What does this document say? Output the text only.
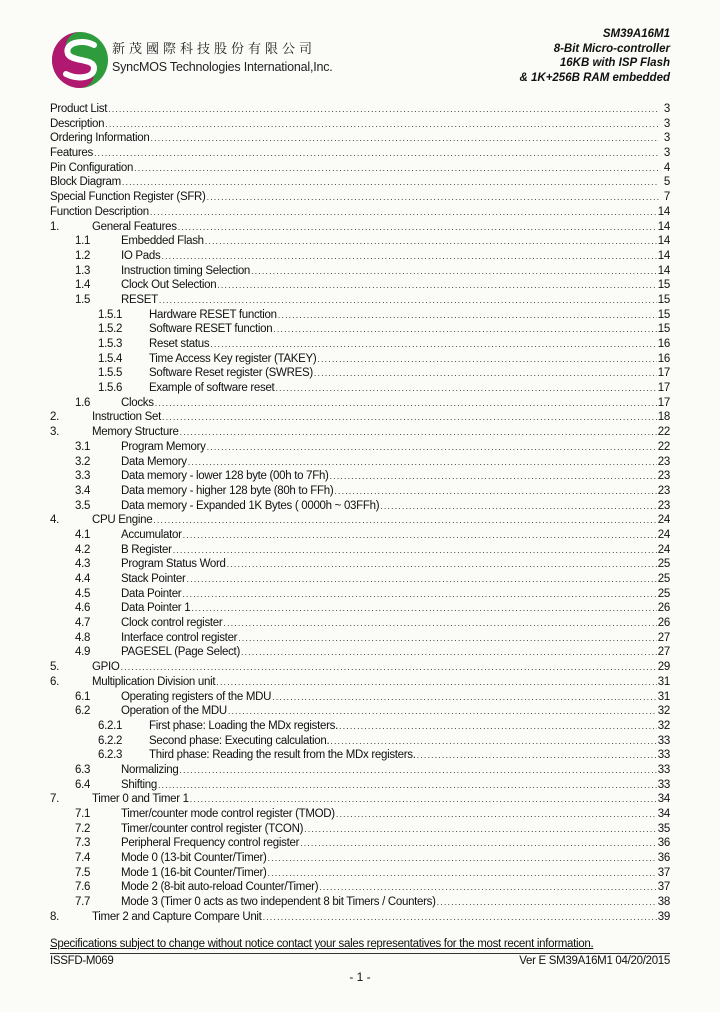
新茂國際科技股份有限公司
SyncMOS Technologies International,Inc.
SM39A16M1
8-Bit Micro-controller
16KB with ISP Flash
& 1K+256B RAM embedded
Product List .....	3
Description .....	3
Ordering Information .....	3
Features .....	3
Pin Configuration .....	4
Block Diagram .....	5
Special Function Register (SFR) .....	7
Function Description .....	14
1.	General Features .....	14
1.1	Embedded Flash .....	14
1.2	IO Pads .....	14
1.3	Instruction timing Selection .....	14
1.4	Clock Out Selection .....	15
1.5	RESET .....	15
1.5.1	Hardware RESET function .....	15
1.5.2	Software RESET function .....	15
1.5.3	Reset status .....	16
1.5.4	Time Access Key register (TAKEY) .....	16
1.5.5	Software Reset register (SWRES) .....	17
1.5.6	Example of software reset .....	17
1.6	Clocks .....	17
2.	Instruction Set .....	18
3.	Memory Structure .....	22
3.1	Program Memory .....	22
3.2	Data Memory .....	23
3.3	Data memory - lower 128 byte (00h to 7Fh) .....	23
3.4	Data memory - higher 128 byte (80h to FFh) .....	23
3.5	Data memory - Expanded 1K Bytes ( 0000h ~ 03FFh) .....	23
4.	CPU Engine .....	24
4.1	Accumulator .....	24
4.2	B Register .....	24
4.3	Program Status Word .....	25
4.4	Stack Pointer .....	25
4.5	Data Pointer .....	25
4.6	Data Pointer 1 .....	26
4.7	Clock control register .....	26
4.8	Interface control register .....	27
4.9	PAGESEL (Page Select) .....	27
5.	GPIO .....	29
6.	Multiplication Division unit .....	31
6.1	Operating registers of the MDU .....	31
6.2	Operation of the MDU .....	32
6.2.1	First phase: Loading the MDx registers. .....	32
6.2.2	Second phase: Executing calculation. .....	33
6.2.3	Third phase: Reading the result from the MDx registers. .....	33
6.3	Normalizing .....	33
6.4	Shifting .....	33
7.	Timer 0 and Timer 1 .....	34
7.1	Timer/counter mode control register (TMOD) .....	34
7.2	Timer/counter control register (TCON) .....	35
7.3	Peripheral Frequency control register .....	36
7.4	Mode 0 (13-bit Counter/Timer) .....	36
7.5	Mode 1 (16-bit Counter/Timer) .....	37
7.6	Mode 2 (8-bit auto-reload Counter/Timer) .....	37
7.7	Mode 3 (Timer 0 acts as two independent 8 bit Timers / Counters) .....	38
8.	Timer 2 and Capture Compare Unit .....	39
Specifications subject to change without notice contact your sales representatives for the most recent information.
ISSFD-M069	Ver E SM39A16M1 04/20/2015
- 1 -
